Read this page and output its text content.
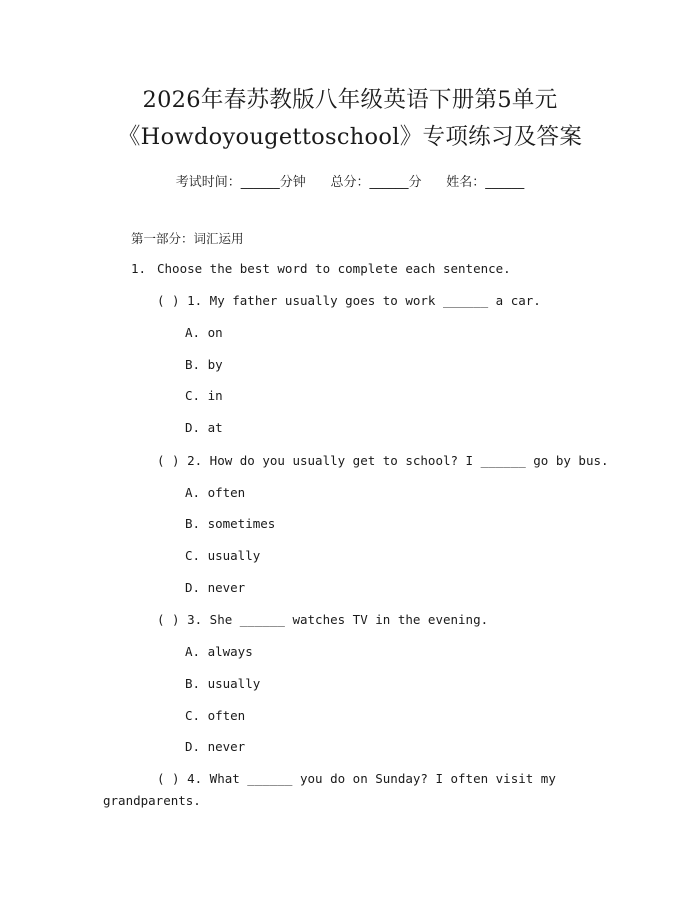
2026年春苏教版八年级英语下册第5单元
《Howdoyougettoschool》专项练习及答案
考试时间：______分钟      总分：______分      姓名：______
第一部分：词汇运用
1. Choose the best word to complete each sentence.
( ) 1. My father usually goes to work ______ a car.
A. on
B. by
C. in
D. at
( ) 2. How do you usually get to school? I ______ go by bus.
A. often
B. sometimes
C. usually
D. never
( ) 3. She ______ watches TV in the evening.
A. always
B. usually
C. often
D. never
( ) 4. What ______ you do on Sunday? I often visit my
grandparents.
